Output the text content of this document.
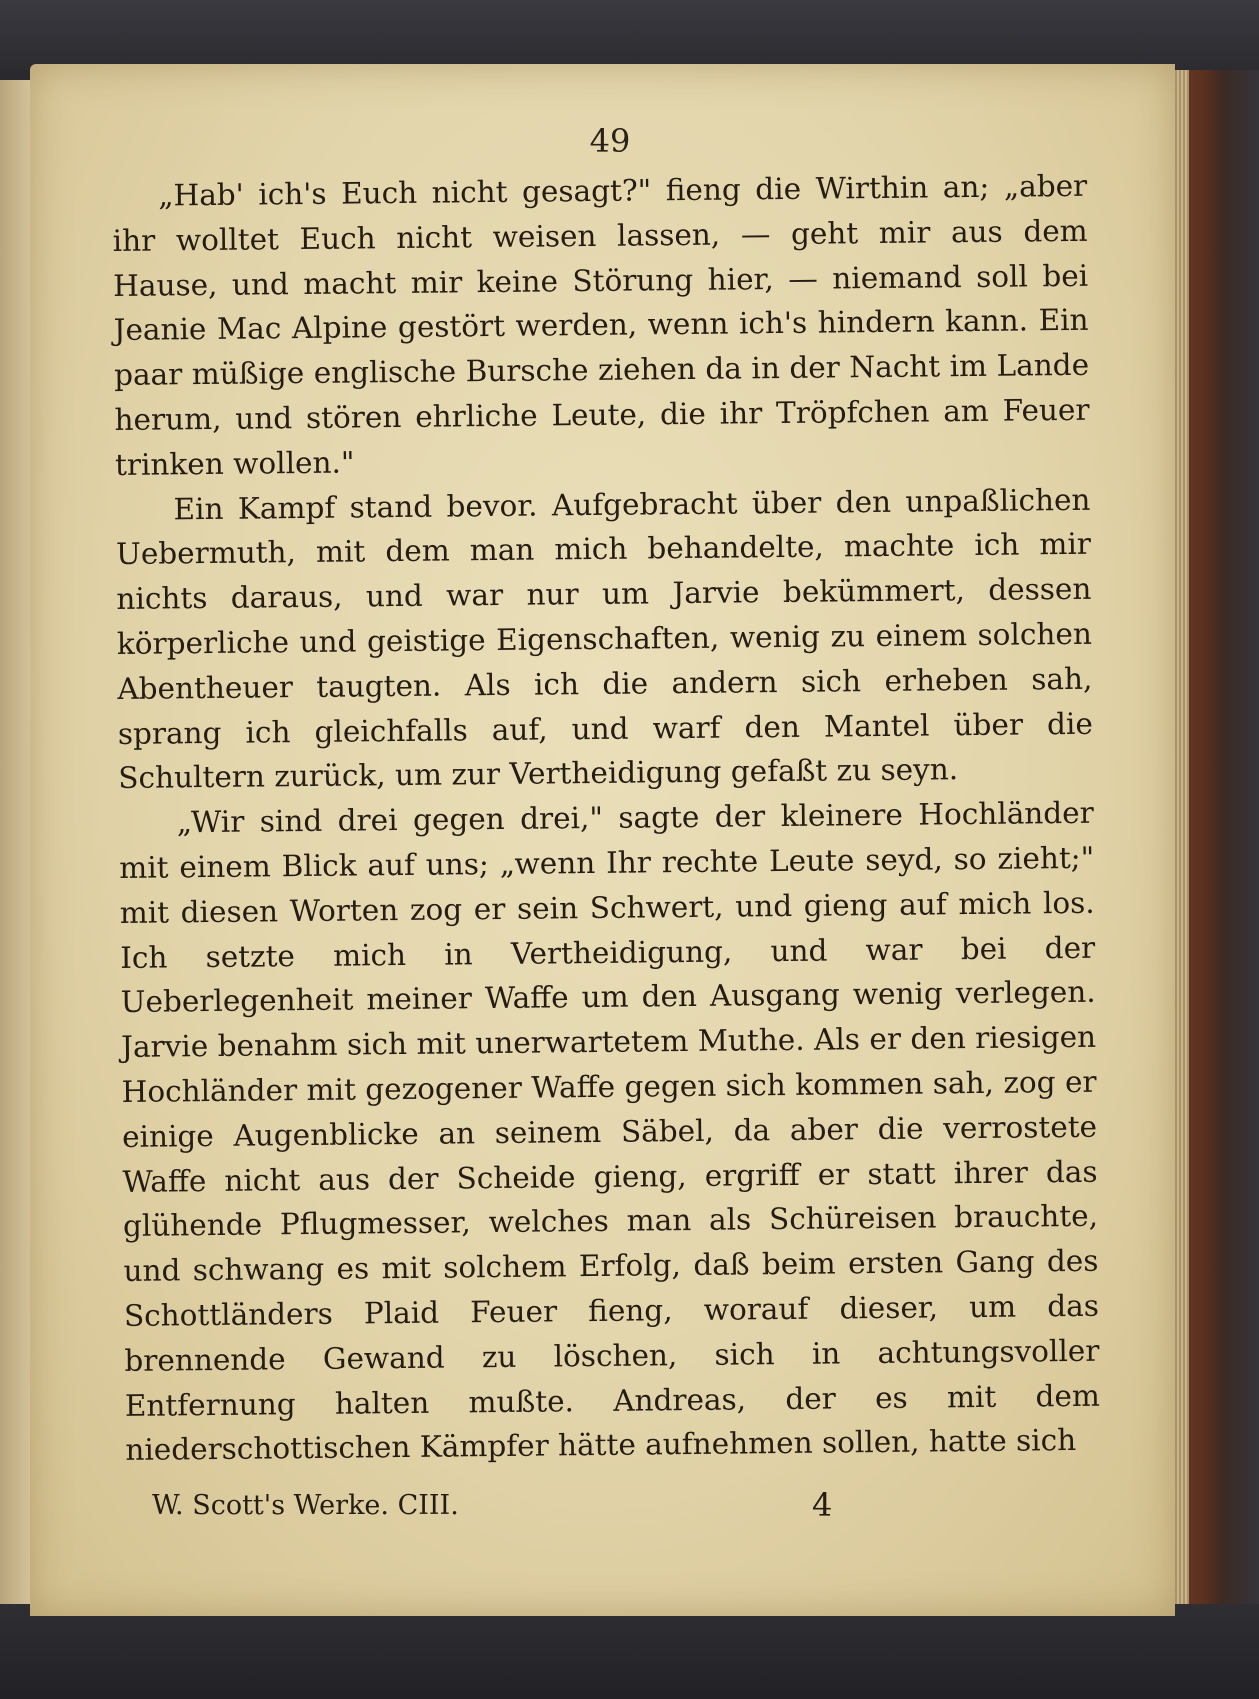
49

„Hab' ich's Euch nicht gesagt?" fieng die Wirthin an; „aber ihr wolltet Euch nicht weisen lassen, — geht mir aus dem Hause, und macht mir keine Störung hier, — niemand soll bei Jeanie Mac Alpine gestört werden, wenn ich's hindern kann. Ein paar müßige englische Bursche ziehen da in der Nacht im Lande herum, und stören ehrliche Leute, die ihr Tröpfchen am Feuer trinken wollen."

Ein Kampf stand bevor. Aufgebracht über den unpaßlichen Uebermuth, mit dem man mich behandelte, machte ich mir nichts daraus, und war nur um Jarvie bekümmert, dessen körperliche und geistige Eigenschaften, wenig zu einem solchen Abentheuer taugten. Als ich die andern sich erheben sah, sprang ich gleichfalls auf, und warf den Mantel über die Schultern zurück, um zur Vertheidigung gefaßt zu seyn.

„Wir sind drei gegen drei," sagte der kleinere Hochländer mit einem Blick auf uns; „wenn Ihr rechte Leute seyd, so zieht;" mit diesen Worten zog er sein Schwert, und gieng auf mich los. Ich setzte mich in Vertheidigung, und war bei der Ueberlegenheit meiner Waffe um den Ausgang wenig verlegen. Jarvie benahm sich mit unerwartetem Muthe. Als er den riesigen Hochländer mit gezogener Waffe gegen sich kommen sah, zog er einige Augenblicke an seinem Säbel, da aber die verrostete Waffe nicht aus der Scheide gieng, ergriff er statt ihrer das glühende Pflugmesser, welches man als Schüreisen brauchte, und schwang es mit solchem Erfolg, daß beim ersten Gang des Schottländers Plaid Feuer fieng, worauf dieser, um das brennende Gewand zu löschen, sich in achtungsvoller Entfernung halten mußte. Andreas, der es mit dem niederschottischen Kämpfer hätte aufnehmen sollen, hatte sich

W. Scott's Werke. CIII.	4
